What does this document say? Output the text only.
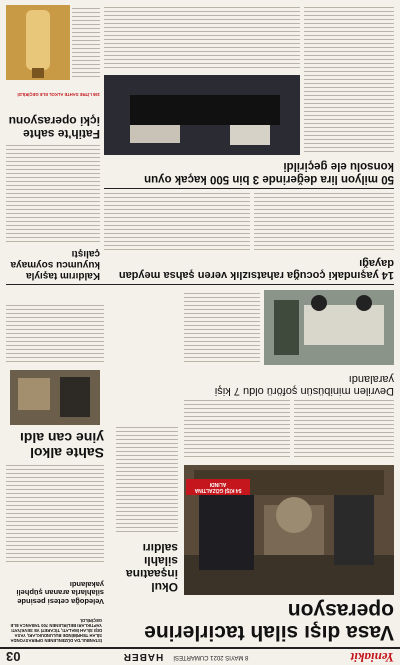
Yeniakit
8 MAYIS 2021 CUMARTESİ
HABER
03
Vasa dışı silah tacirlerine operasyon
İSTANBUL'DA DÜZENLENEN OPERASYONDA SİLAH TEHRİBİNDE BULUNDUKLARI, YASA DIŞI SİLAH İMALATI, TİCARETİ VE SEVKİYATI YAPTIKLARI BELİRLENEN 700 TABANCA ELE GEÇİRİLDİ.
54 KİŞİ GÖZALTINA ALINDI
Okul inşaatına silahlı saldırı
Veledoğa cetesi pesinde silahlarla aranan şüpheli yakalandı
Devrilen minibüsün şoförü oldu 7 kişi yaralandı
Sahte alkol yine can aldı
14 yaşındaki çocuğa rahatsızlık veren şahsa meydan dayağı
Kaldırım taşıyla kuyumcu soymaya çalıştı
50 milyon lira değerinde 3 bin 500 kaçak oyun konsolu ele geçirildi
Fatih'te sahte içki operasyonu
155 LİTRE SAHTE ALKOL ELE GEÇİRİLDİ
